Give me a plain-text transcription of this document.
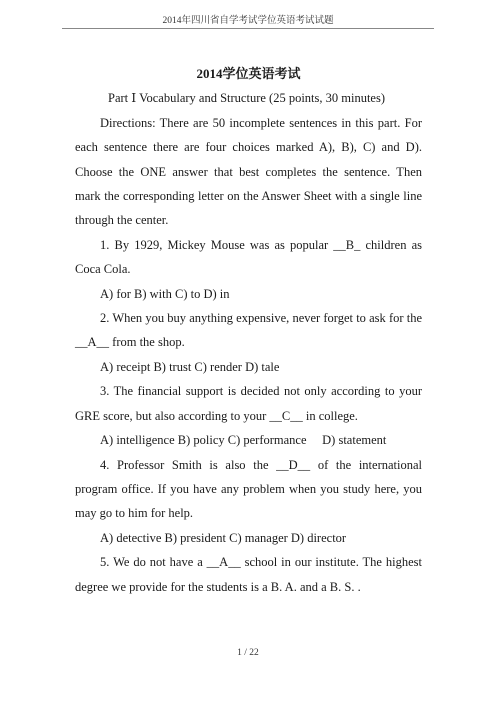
2014年四川省自学考试学位英语考试试题

2014学位英语考试

Part Ⅰ Vocabulary and Structure (25 points, 30 minutes)

Directions: There are 50 incomplete sentences in this part. For each sentence there are four choices marked A), B), C) and D). Choose the ONE answer that best completes the sentence. Then mark the corresponding letter on the Answer Sheet with a single line through the center.

1. By 1929, Mickey Mouse was as popular __B_ children as Coca Cola.

A) for B) with C) to D) in

2. When you buy anything expensive, never forget to ask for the __A__ from the shop.

A) receipt B) trust C) render D) tale

3. The financial support is decided not only according to your GRE score, but also according to your __C__ in college.

A) intelligence B) policy C) performance     D) statement

4. Professor Smith is also the __D__ of the international program office. If you have any problem when you study here, you may go to him for help.

A) detective B) president C) manager D) director

5. We do not have a __A__ school in our institute. The highest degree we provide for the students is a B. A. and a B. S. .

1 / 22
